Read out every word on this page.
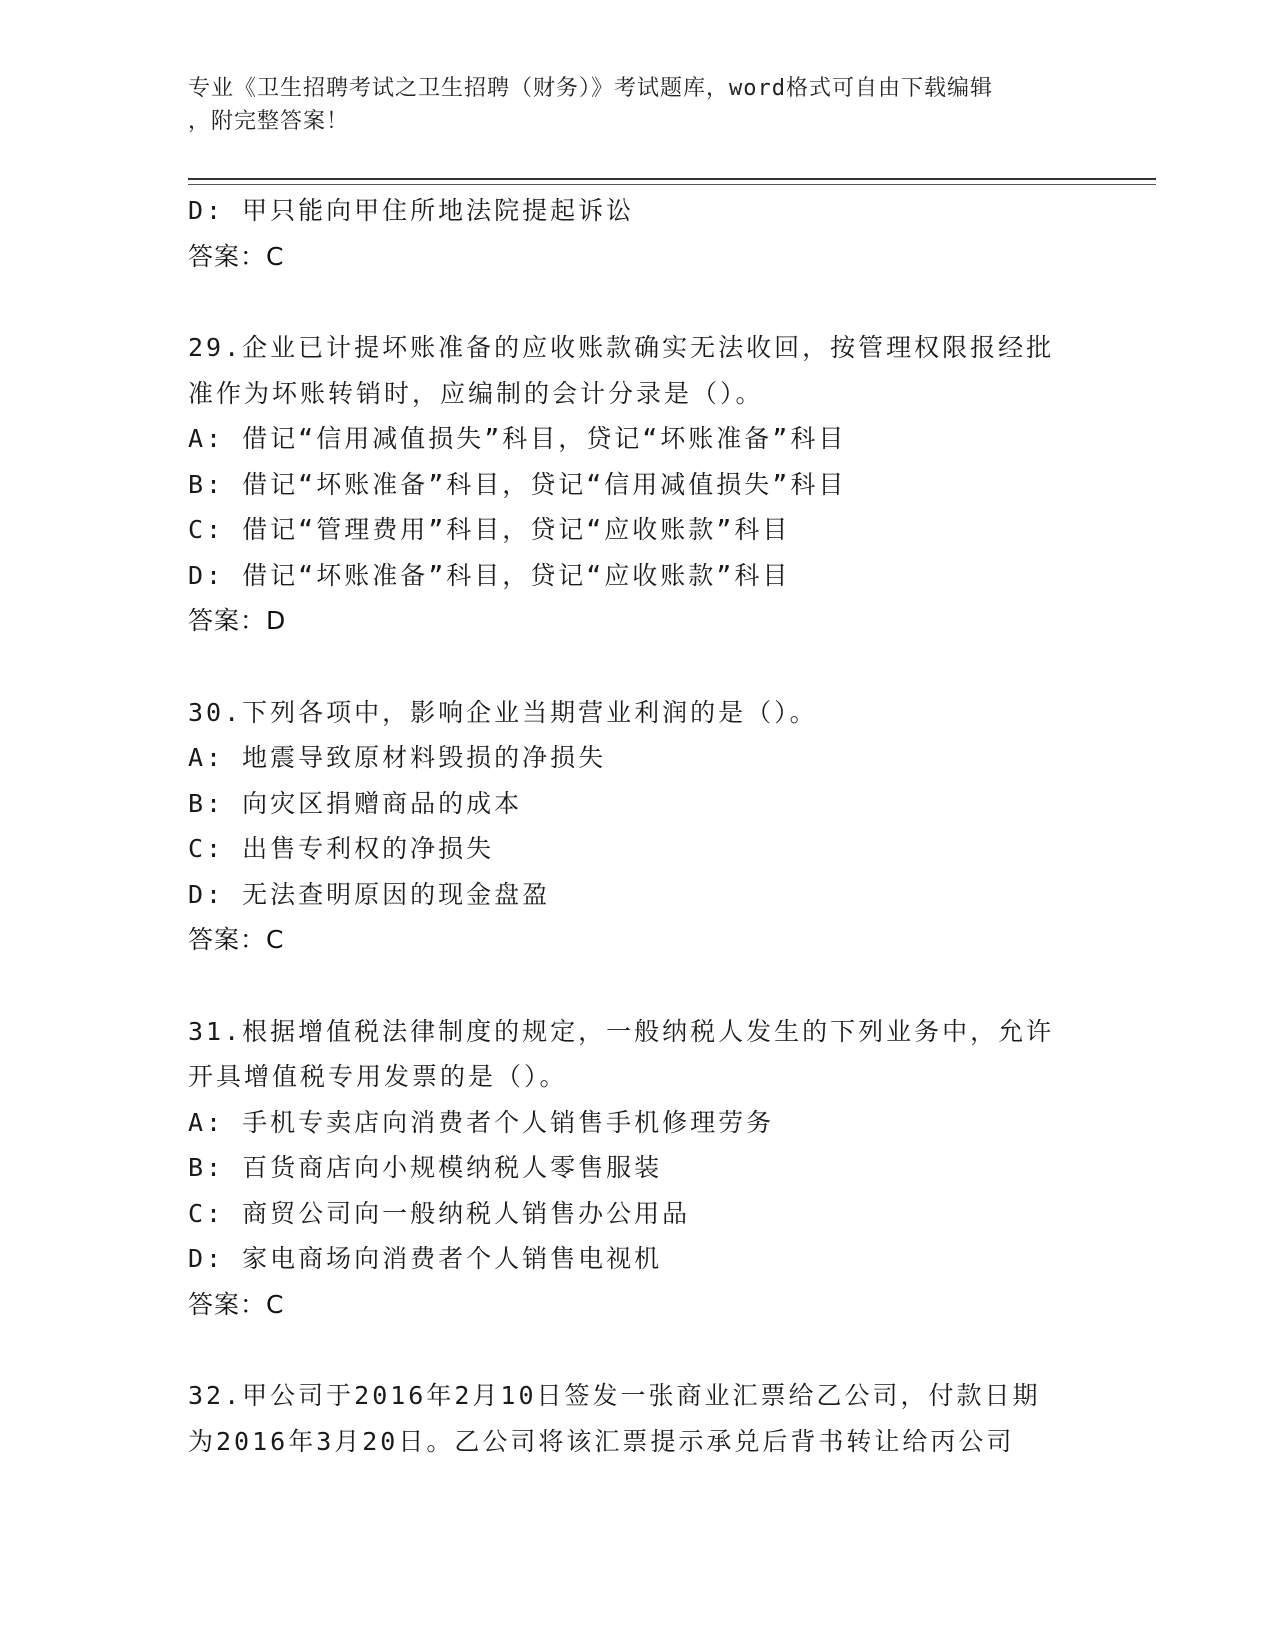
专业《卫生招聘考试之卫生招聘（财务）》考试题库，word格式可自由下载编辑
，附完整答案！
D: 甲只能向甲住所地法院提起诉讼
答案：C
29.企业已计提坏账准备的应收账款确实无法收回，按管理权限报经批
准作为坏账转销时，应编制的会计分录是（）。
A: 借记“信用减值损失”科目，贷记“坏账准备”科目
B: 借记“坏账准备”科目，贷记“信用减值损失”科目
C: 借记“管理费用”科目，贷记“应收账款”科目
D: 借记“坏账准备”科目，贷记“应收账款”科目
答案：D
30.下列各项中，影响企业当期营业利润的是（）。
A: 地震导致原材料毁损的净损失
B: 向灾区捐赠商品的成本
C: 出售专利权的净损失
D: 无法查明原因的现金盘盈
答案：C
31.根据增值税法律制度的规定，一般纳税人发生的下列业务中，允许
开具增值税专用发票的是（）。
A: 手机专卖店向消费者个人销售手机修理劳务
B: 百货商店向小规模纳税人零售服装
C: 商贸公司向一般纳税人销售办公用品
D: 家电商场向消费者个人销售电视机
答案：C
32.甲公司于2016年2月10日签发一张商业汇票给乙公司，付款日期
为2016年3月20日。乙公司将该汇票提示承兑后背书转让给丙公司
